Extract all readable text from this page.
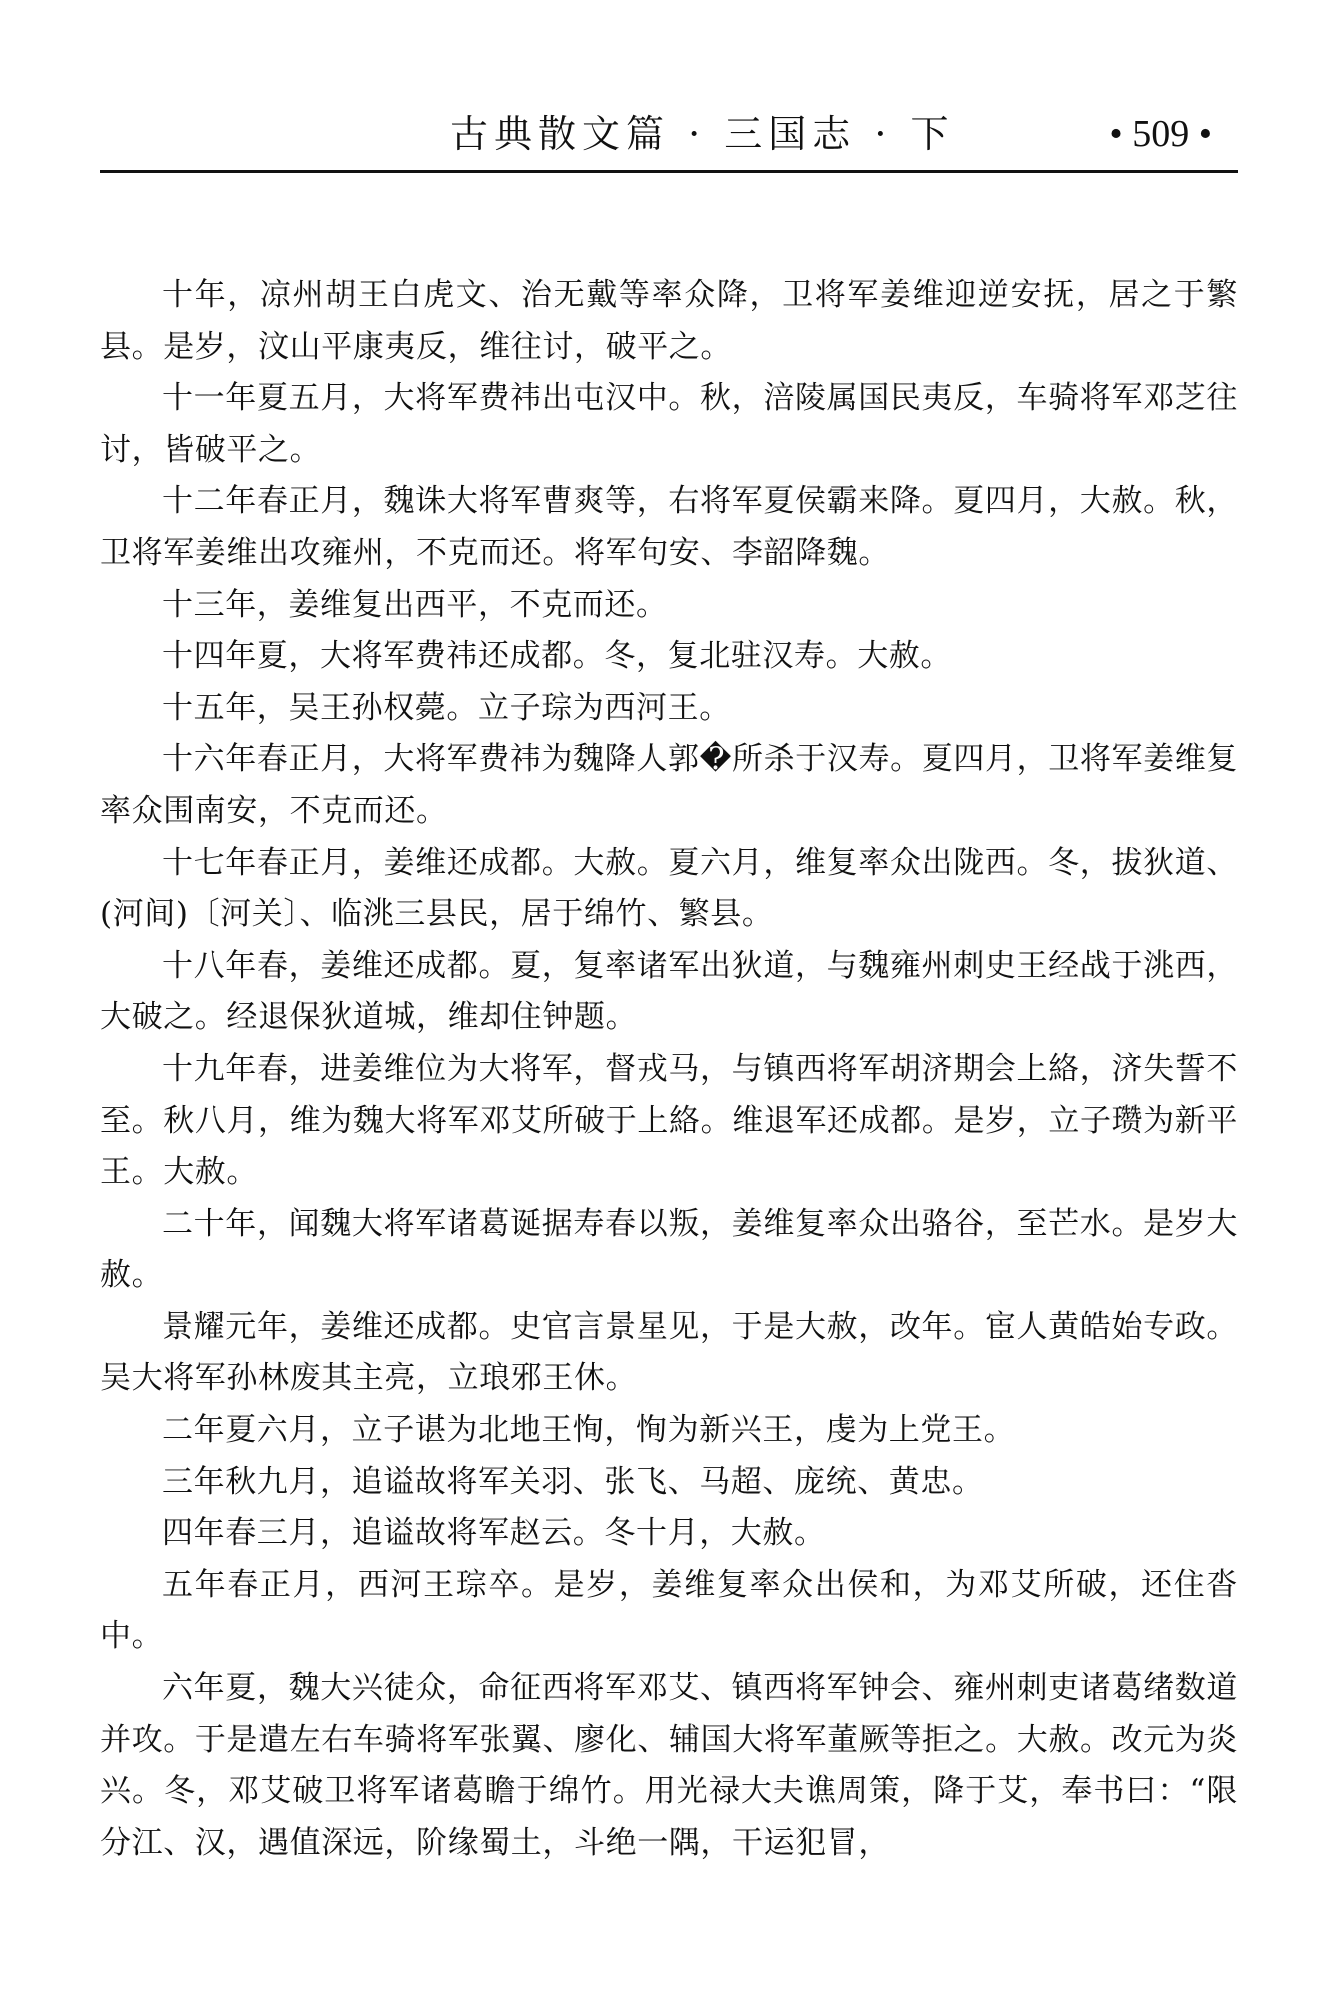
古典散文篇 · 三国志 · 下	• 509 •

十年，凉州胡王白虎文、治无戴等率众降，卫将军姜维迎逆安抚，居之于繁县。是岁，汶山平康夷反，维往讨，破平之。

十一年夏五月，大将军费祎出屯汉中。秋，涪陵属国民夷反，车骑将军邓芝往讨，皆破平之。

十二年春正月，魏诛大将军曹爽等，右将军夏侯霸来降。夏四月，大赦。秋，卫将军姜维出攻雍州，不克而还。将军句安、李韶降魏。

十三年，姜维复出西平，不克而还。

十四年夏，大将军费祎还成都。冬，复北驻汉寿。大赦。

十五年，吴王孙权薨。立子琮为西河王。

十六年春正月，大将军费祎为魏降人郭�所杀于汉寿。夏四月，卫将军姜维复率众围南安，不克而还。

十七年春正月，姜维还成都。大赦。夏六月，维复率众出陇西。冬，拔狄道、(河间)〔河关〕、临洮三县民，居于绵竹、繁县。

十八年春，姜维还成都。夏，复率诸军出狄道，与魏雍州刺史王经战于洮西，大破之。经退保狄道城，维却住钟题。

十九年春，进姜维位为大将军，督戎马，与镇西将军胡济期会上絡，济失誓不至。秋八月，维为魏大将军邓艾所破于上絡。维退军还成都。是岁，立子瓒为新平王。大赦。

二十年，闻魏大将军诸葛诞据寿春以叛，姜维复率众出骆谷，至芒水。是岁大赦。

景耀元年，姜维还成都。史官言景星见，于是大赦，改年。宦人黄皓始专政。吴大将军孙林废其主亮，立琅邪王休。

二年夏六月，立子谌为北地王恂，恂为新兴王，虔为上党王。

三年秋九月，追谥故将军关羽、张飞、马超、庞统、黄忠。

四年春三月，追谥故将军赵云。冬十月，大赦。

五年春正月，西河王琮卒。是岁，姜维复率众出侯和，为邓艾所破，还住沓中。

六年夏，魏大兴徒众，命征西将军邓艾、镇西将军钟会、雍州刺吏诸葛绪数道并攻。于是遣左右车骑将军张翼、廖化、辅国大将军董厥等拒之。大赦。改元为炎兴。冬，邓艾破卫将军诸葛瞻于绵竹。用光禄大夫谯周策，降于艾，奉书曰：“限分江、汉，遇值深远，阶缘蜀土，斗绝一隅，干运犯冒，
